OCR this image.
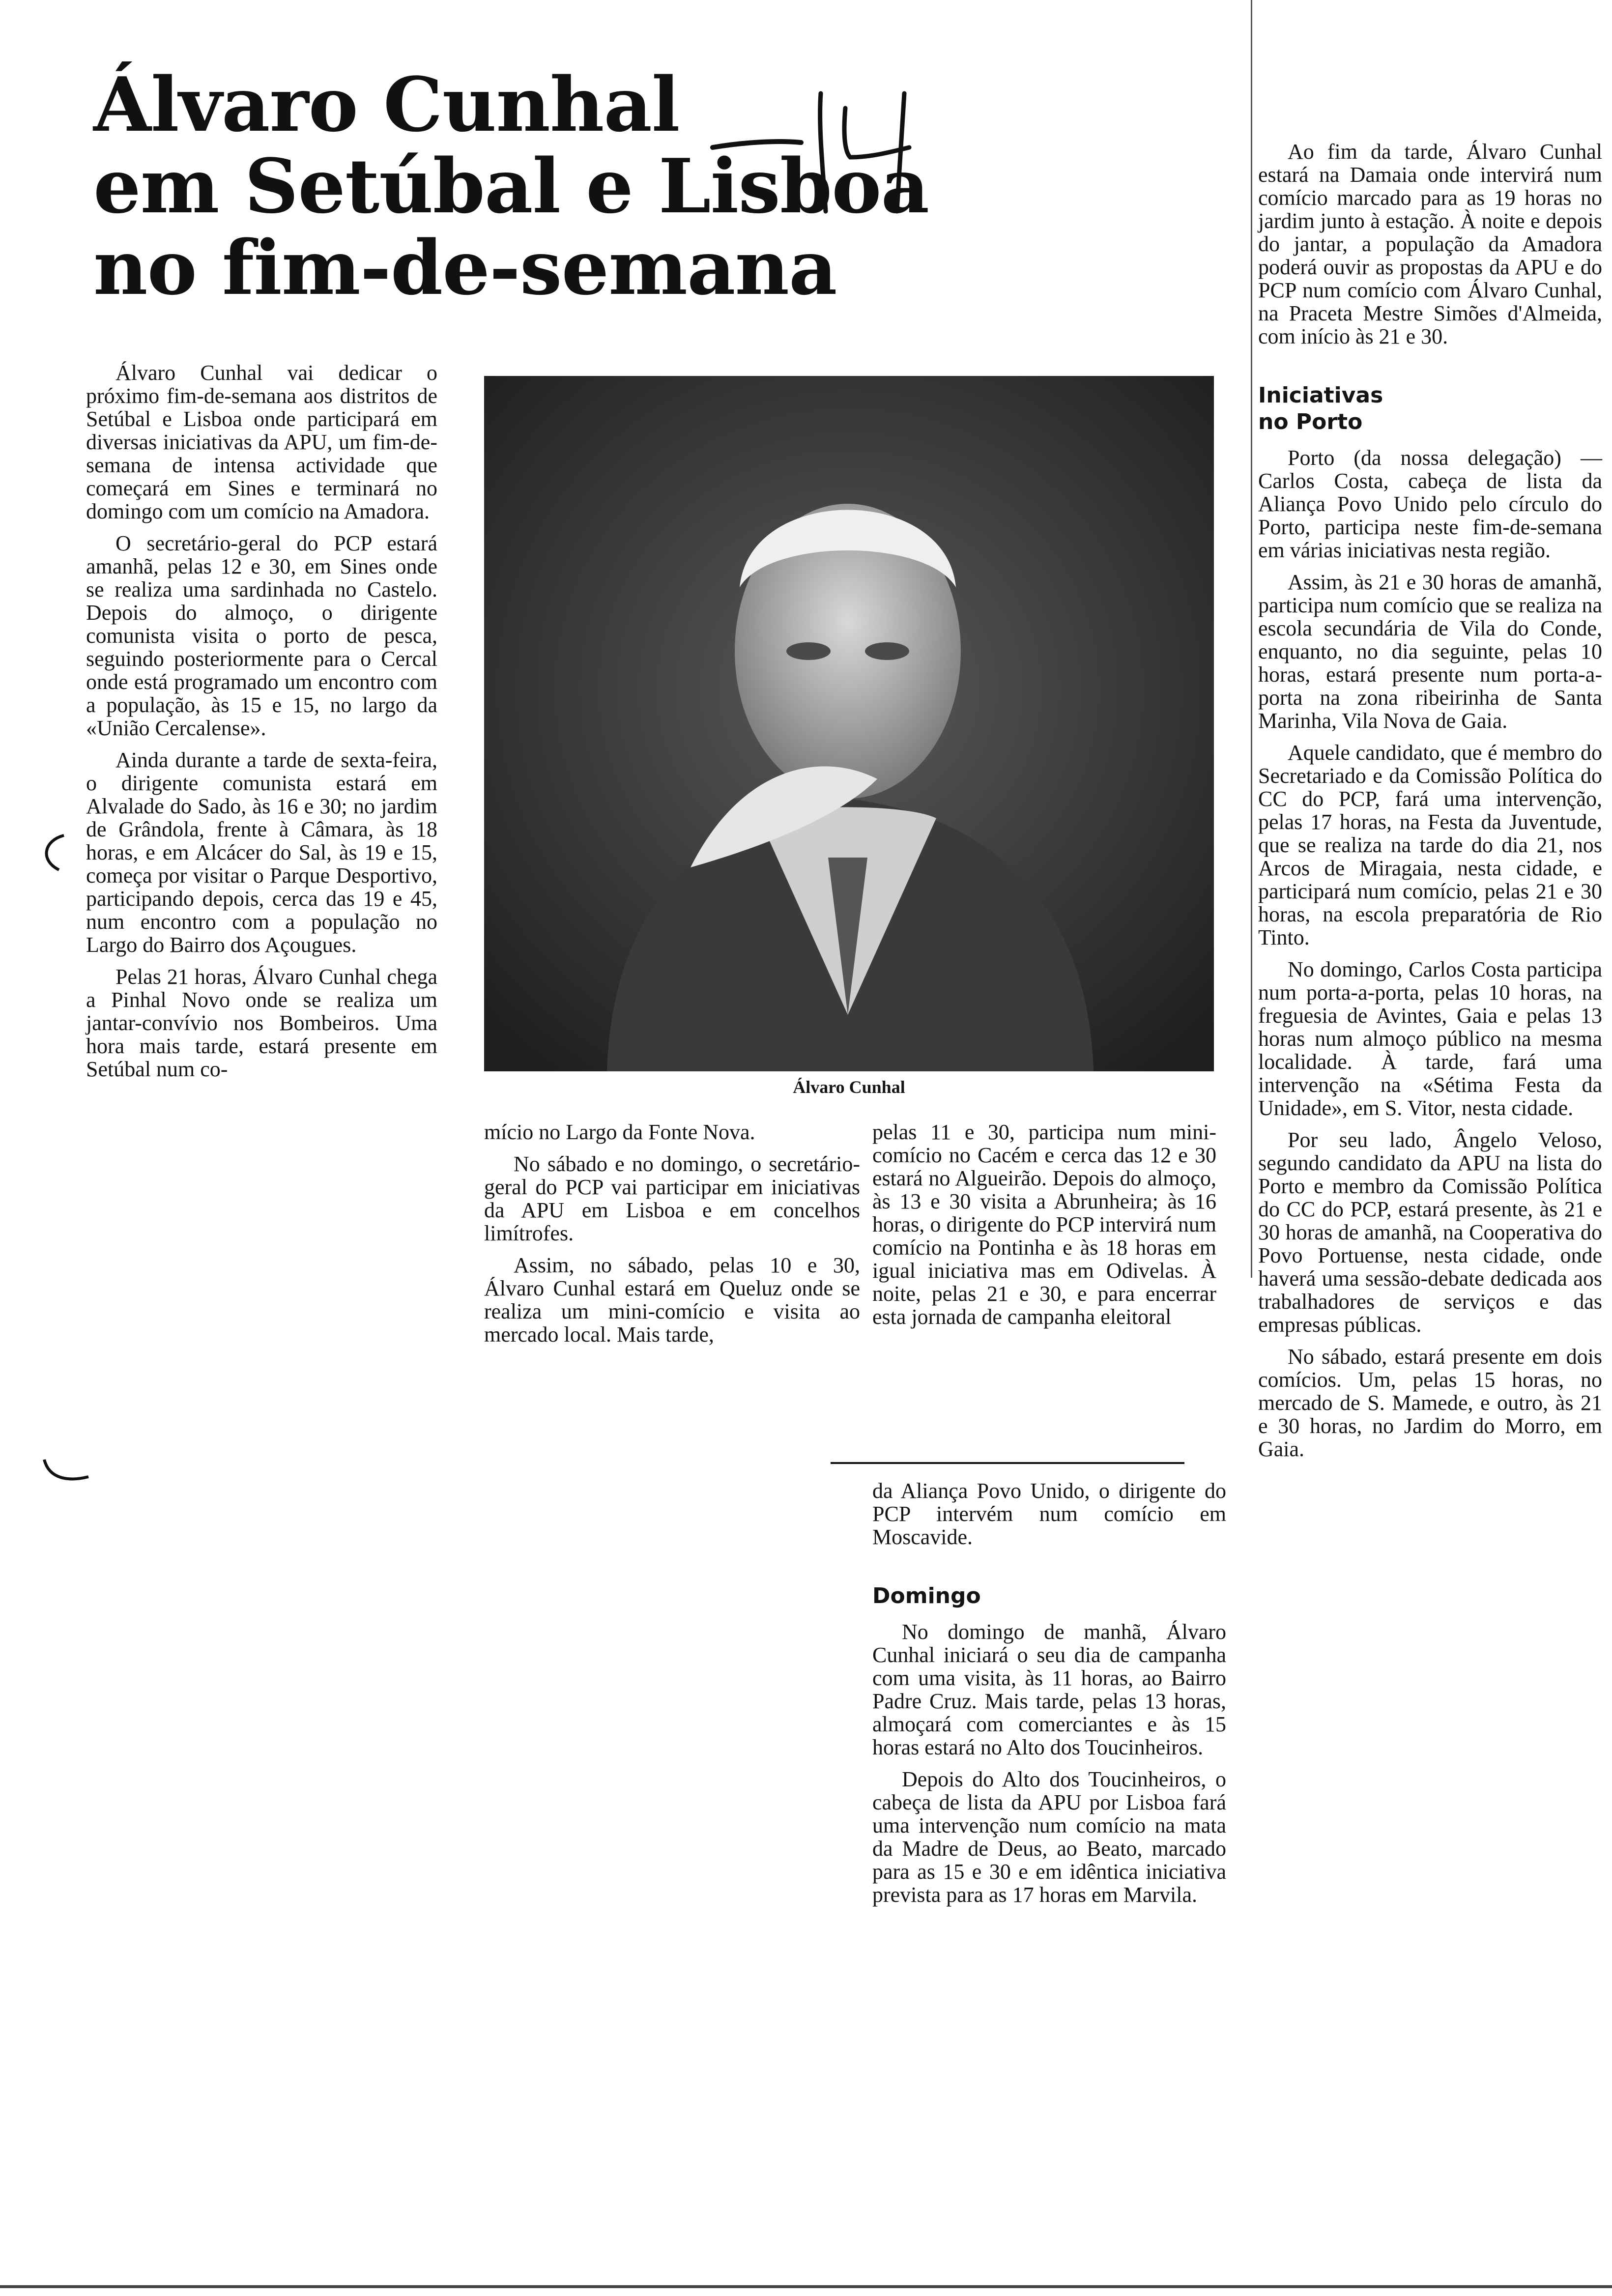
Álvaro Cunhal
em Setúbal e Lisboa
no fim-de-semana

Álvaro Cunhal vai dedicar o próximo fim-de-semana aos distritos de Setúbal e Lisboa onde participará em diversas iniciativas da APU, um fim-de-semana de intensa actividade que começará em Sines e terminará no domingo com um comício na Amadora.

O secretário-geral do PCP estará amanhã, pelas 12 e 30, em Sines onde se realiza uma sardinhada no Castelo. Depois do almoço, o dirigente comunista visita o porto de pesca, seguindo posteriormente para o Cercal onde está programado um encontro com a população, às 15 e 15, no largo da «União Cercalense».

Ainda durante a tarde de sexta-feira, o dirigente comunista estará em Alvalade do Sado, às 16 e 30; no jardim de Grândola, frente à Câmara, às 18 horas, e em Alcácer do Sal, às 19 e 15, começa por visitar o Parque Desportivo, participando depois, cerca das 19 e 45, num encontro com a população no Largo do Bairro dos Açougues.

Pelas 21 horas, Álvaro Cunhal chega a Pinhal Novo onde se realiza um jantar-convívio nos Bombeiros. Uma hora mais tarde, estará presente em Setúbal num co-

Álvaro Cunhal

mício no Largo da Fonte Nova.

No sábado e no domingo, o secretário-geral do PCP vai participar em iniciativas da APU em Lisboa e em concelhos limítrofes.

Assim, no sábado, pelas 10 e 30, Álvaro Cunhal estará em Queluz onde se realiza um mini-comício e visita ao mercado local. Mais tarde,

pelas 11 e 30, participa num mini-comício no Cacém e cerca das 12 e 30 estará no Algueirão. Depois do almoço, às 13 e 30 visita a Abrunheira; às 16 horas, o dirigente do PCP intervirá num comício na Pontinha e às 18 horas em igual iniciativa mas em Odivelas. À noite, pelas 21 e 30, e para encerrar esta jornada de campanha eleitoral

da Aliança Povo Unido, o dirigente do PCP intervém num comício em Moscavide.

Domingo

No domingo de manhã, Álvaro Cunhal iniciará o seu dia de campanha com uma visita, às 11 horas, ao Bairro Padre Cruz. Mais tarde, pelas 13 horas, almoçará com comerciantes e às 15 horas estará no Alto dos Toucinheiros.

Depois do Alto dos Toucinheiros, o cabeça de lista da APU por Lisboa fará uma intervenção num comício na mata da Madre de Deus, ao Beato, marcado para as 15 e 30 e em idêntica iniciativa prevista para as 17 horas em Marvila.

Ao fim da tarde, Álvaro Cunhal estará na Damaia onde intervirá num comício marcado para as 19 horas no jardim junto à estação. À noite e depois do jantar, a população da Amadora poderá ouvir as propostas da APU e do PCP num comício com Álvaro Cunhal, na Praceta Mestre Simões d'Almeida, com início às 21 e 30.

Iniciativas no Porto

Porto (da nossa delegação) — Carlos Costa, cabeça de lista da Aliança Povo Unido pelo círculo do Porto, participa neste fim-de-semana em várias iniciativas nesta região.

Assim, às 21 e 30 horas de amanhã, participa num comício que se realiza na escola secundária de Vila do Conde, enquanto, no dia seguinte, pelas 10 horas, estará presente num porta-a-porta na zona ribeirinha de Santa Marinha, Vila Nova de Gaia.

Aquele candidato, que é membro do Secretariado e da Comissão Política do CC do PCP, fará uma intervenção, pelas 17 horas, na Festa da Juventude, que se realiza na tarde do dia 21, nos Arcos de Miragaia, nesta cidade, e participará num comício, pelas 21 e 30 horas, na escola preparatória de Rio Tinto.

No domingo, Carlos Costa participa num porta-a-porta, pelas 10 horas, na freguesia de Avintes, Gaia e pelas 13 horas num almoço público na mesma localidade. À tarde, fará uma intervenção na «Sétima Festa da Unidade», em S. Vitor, nesta cidade.

Por seu lado, Ângelo Veloso, segundo candidato da APU na lista do Porto e membro da Comissão Política do CC do PCP, estará presente, às 21 e 30 horas de amanhã, na Cooperativa do Povo Portuense, nesta cidade, onde haverá uma sessão-debate dedicada aos trabalhadores de serviços e das empresas públicas.

No sábado, estará presente em dois comícios. Um, pelas 15 horas, no mercado de S. Mamede, e outro, às 21 e 30 horas, no Jardim do Morro, em Gaia.
